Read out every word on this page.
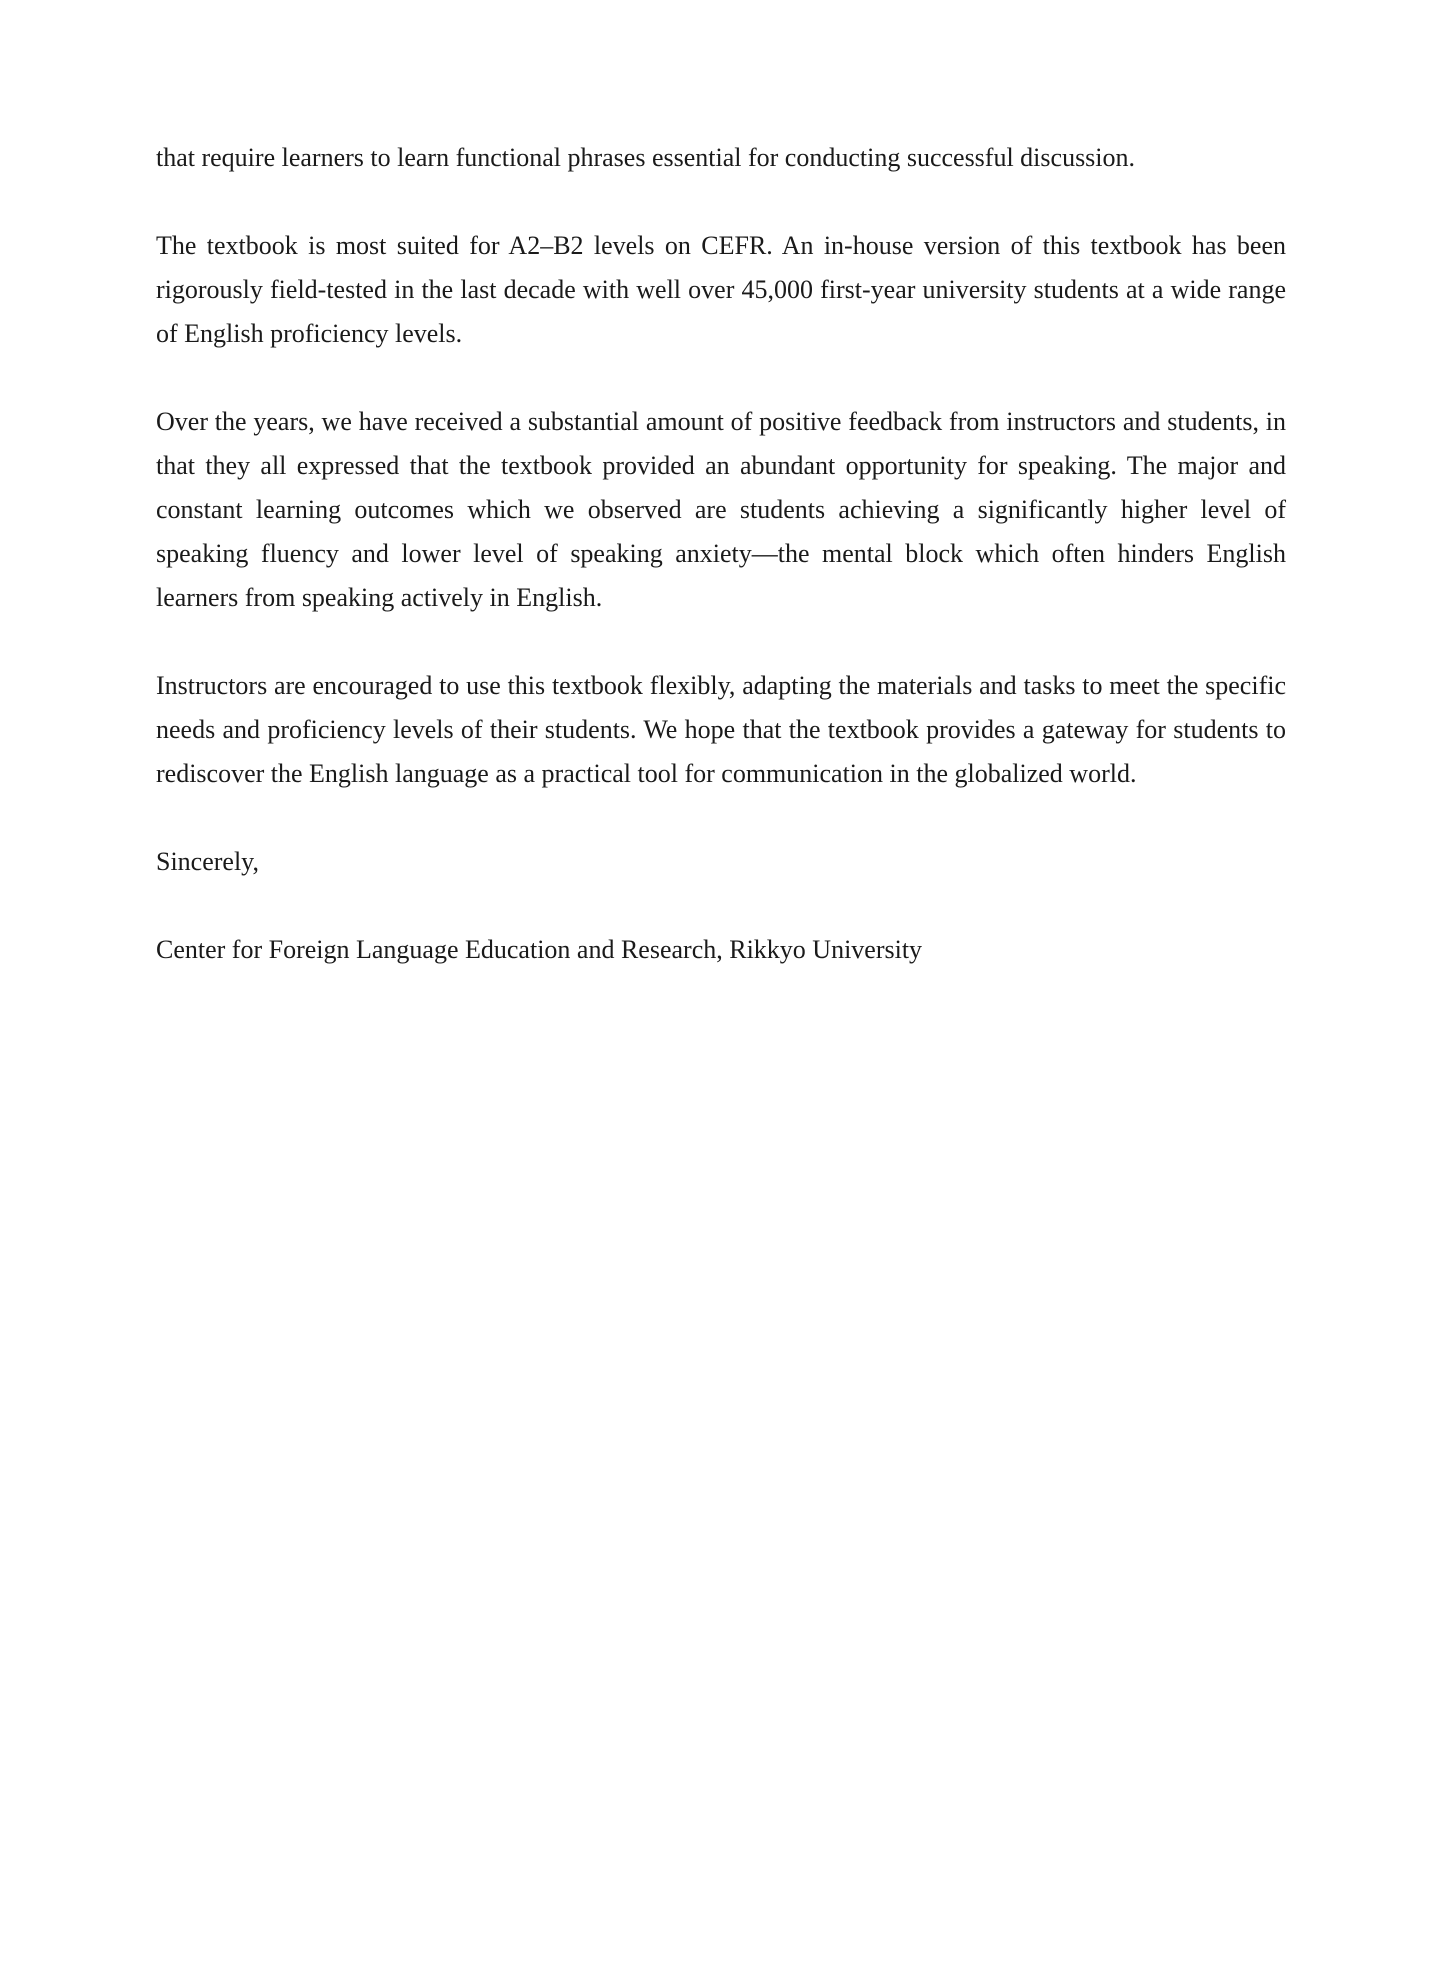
that require learners to learn functional phrases essential for conducting successful discussion.

The textbook is most suited for A2–B2 levels on CEFR. An in-house version of this textbook has been rigorously field-tested in the last decade with well over 45,000 first-year university students at a wide range of English proficiency levels.

Over the years, we have received a substantial amount of positive feedback from instructors and students, in that they all expressed that the textbook provided an abundant opportunity for speaking. The major and constant learning outcomes which we observed are students achieving a significantly higher level of speaking fluency and lower level of speaking anxiety—the mental block which often hinders English learners from speaking actively in English.

Instructors are encouraged to use this textbook flexibly, adapting the materials and tasks to meet the specific needs and proficiency levels of their students. We hope that the textbook provides a gateway for students to rediscover the English language as a practical tool for communication in the globalized world.

Sincerely,

Center for Foreign Language Education and Research, Rikkyo University
